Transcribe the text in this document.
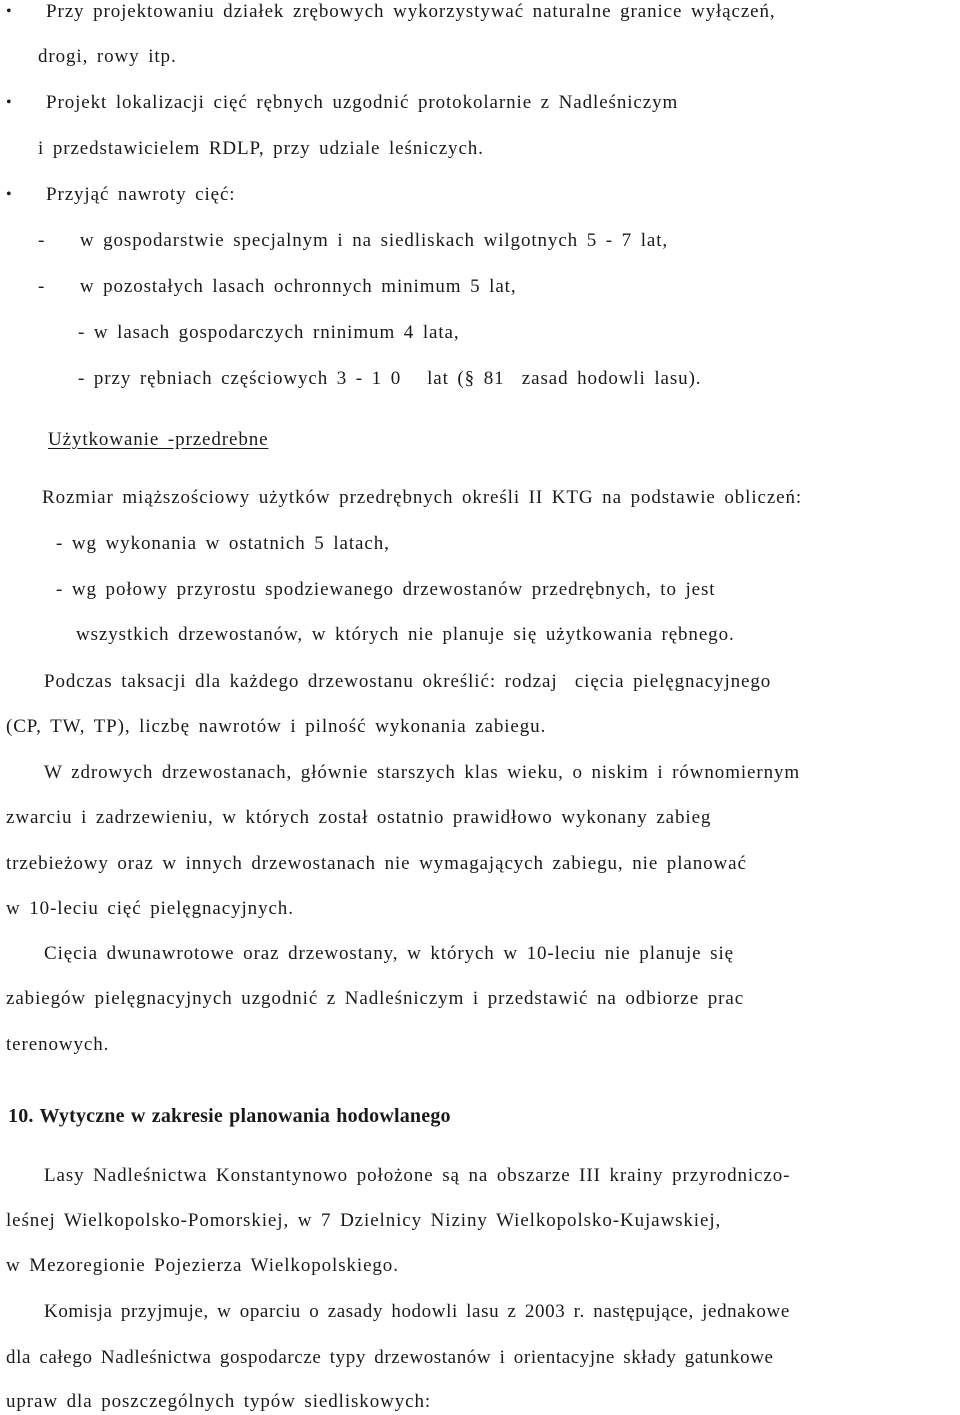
• Przy projektowaniu działek zrębowych wykorzystywać naturalne granice wyłączeń,
drogi, rowy itp.
• Projekt lokalizacji cięć rębnych uzgodnić protokolarnie z Nadleśniczym
i przedstawicielem RDLP, przy udziale leśniczych.
• Przyjąć nawroty cięć:
-    w gospodarstwie specjalnym i na siedliskach wilgotnych 5 - 7 lat,
-    w pozostałych lasach ochronnych minimum 5 lat,
- w lasach gospodarczych rninimum 4 lata,
- przy rębniach częściowych 3 - 1 0   lat (§ 81  zasad hodowli lasu).
Użytkowanie -przedrebne
Rozmiar miąższościowy użytków przedrębnych określi II KTG na podstawie obliczeń:
- wg wykonania w ostatnich 5 latach,
- wg połowy przyrostu spodziewanego drzewostanów przedrębnych, to jest
wszystkich drzewostanów, w których nie planuje się użytkowania rębnego.
Podczas taksacji dla każdego drzewostanu określić: rodzaj  cięcia pielęgnacyjnego
(CP, TW, TP), liczbę nawrotów i pilność wykonania zabiegu.
W zdrowych drzewostanach, głównie starszych klas wieku, o niskim i równomiernym
zwarciu i zadrzewieniu, w których został ostatnio prawidłowo wykonany zabieg
trzebieżowy oraz w innych drzewostanach nie wymagających zabiegu, nie planować
w 10-leciu cięć pielęgnacyjnych.
Cięcia dwunawrotowe oraz drzewostany, w których w 10-leciu nie planuje się
zabiegów pielęgnacyjnych uzgodnić z Nadleśniczym i przedstawić na odbiorze prac
terenowych.
10. Wytyczne w zakresie planowania hodowlanego
Lasy Nadleśnictwa Konstantynowo położone są na obszarze III krainy przyrodniczo-
leśnej Wielkopolsko-Pomorskiej, w 7 Dzielnicy Niziny Wielkopolsko-Kujawskiej,
w Mezoregionie Pojezierza Wielkopolskiego.
Komisja przyjmuje, w oparciu o zasady hodowli lasu z 2003 r. następujące, jednakowe
dla całego Nadleśnictwa gospodarcze typy drzewostanów i orientacyjne składy gatunkowe
upraw dla poszczególnych typów siedliskowych:
